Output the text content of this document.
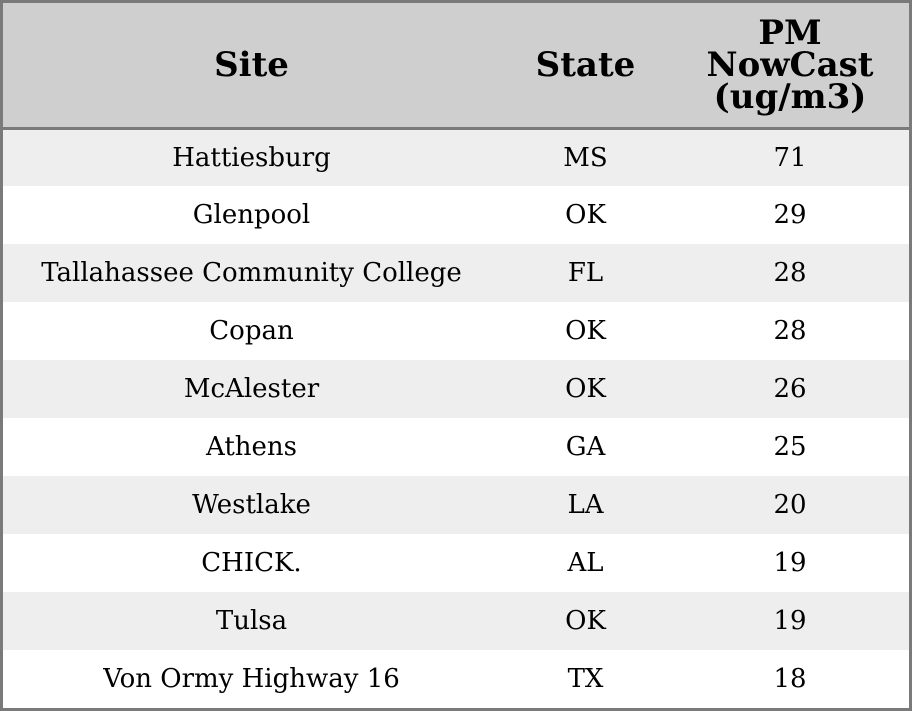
Site	State	PM
NowCast
(ug/m3)

Hattiesburg	MS	71
Glenpool	OK	29
Tallahassee Community College	FL	28
Copan	OK	28
McAlester	OK	26
Athens	GA	25
Westlake	LA	20
CHICK.	AL	19
Tulsa	OK	19
Von Ormy Highway 16	TX	18
